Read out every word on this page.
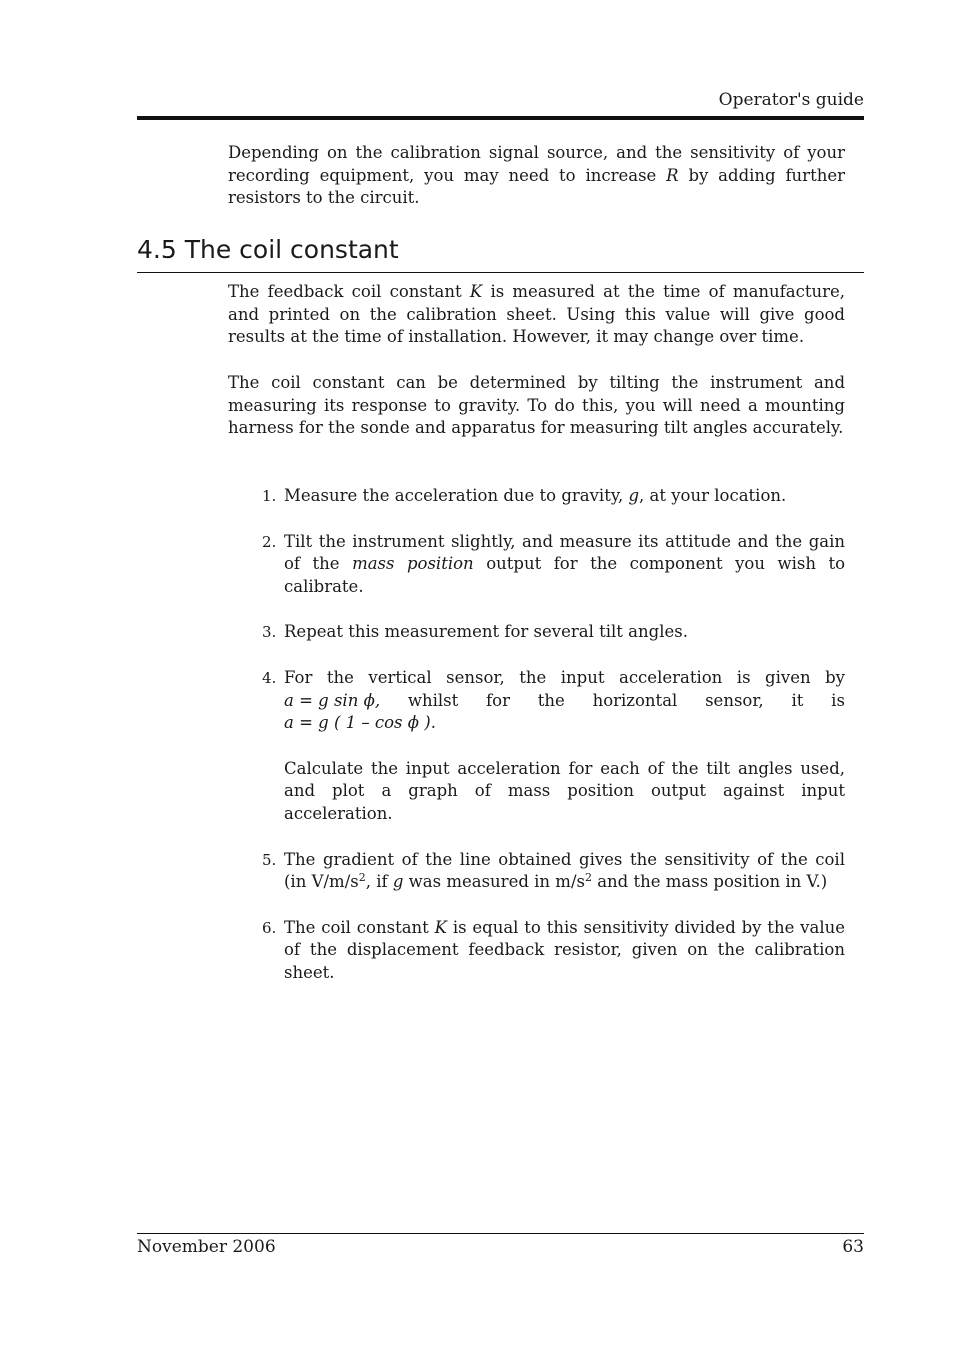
Operator's guide

Depending on the calibration signal source, and the sensitivity of your recording equipment, you may need to increase R by adding further resistors to the circuit.

4.5 The coil constant

The feedback coil constant K is measured at the time of manufacture, and printed on the calibration sheet. Using this value will give good results at the time of installation. However, it may change over time.

The coil constant can be determined by tilting the instrument and measuring its response to gravity. To do this, you will need a mounting harness for the sonde and apparatus for measuring tilt angles accurately.

1. Measure the acceleration due to gravity, g, at your location.

2. Tilt the instrument slightly, and measure its attitude and the gain of the mass position output for the component you wish to calibrate.

3. Repeat this measurement for several tilt angles.

4. For the vertical sensor, the input acceleration is given by
a = g sin ϕ, whilst for the horizontal sensor, it is
a = g ( 1 – cos ϕ ).

Calculate the input acceleration for each of the tilt angles used, and plot a graph of mass position output against input acceleration.

5. The gradient of the line obtained gives the sensitivity of the coil (in $V/m/s^2$, if g was measured in $m/s^2$ and the mass position in V.)

6. The coil constant K is equal to this sensitivity divided by the value of the displacement feedback resistor, given on the calibration sheet.

November 2006	63
